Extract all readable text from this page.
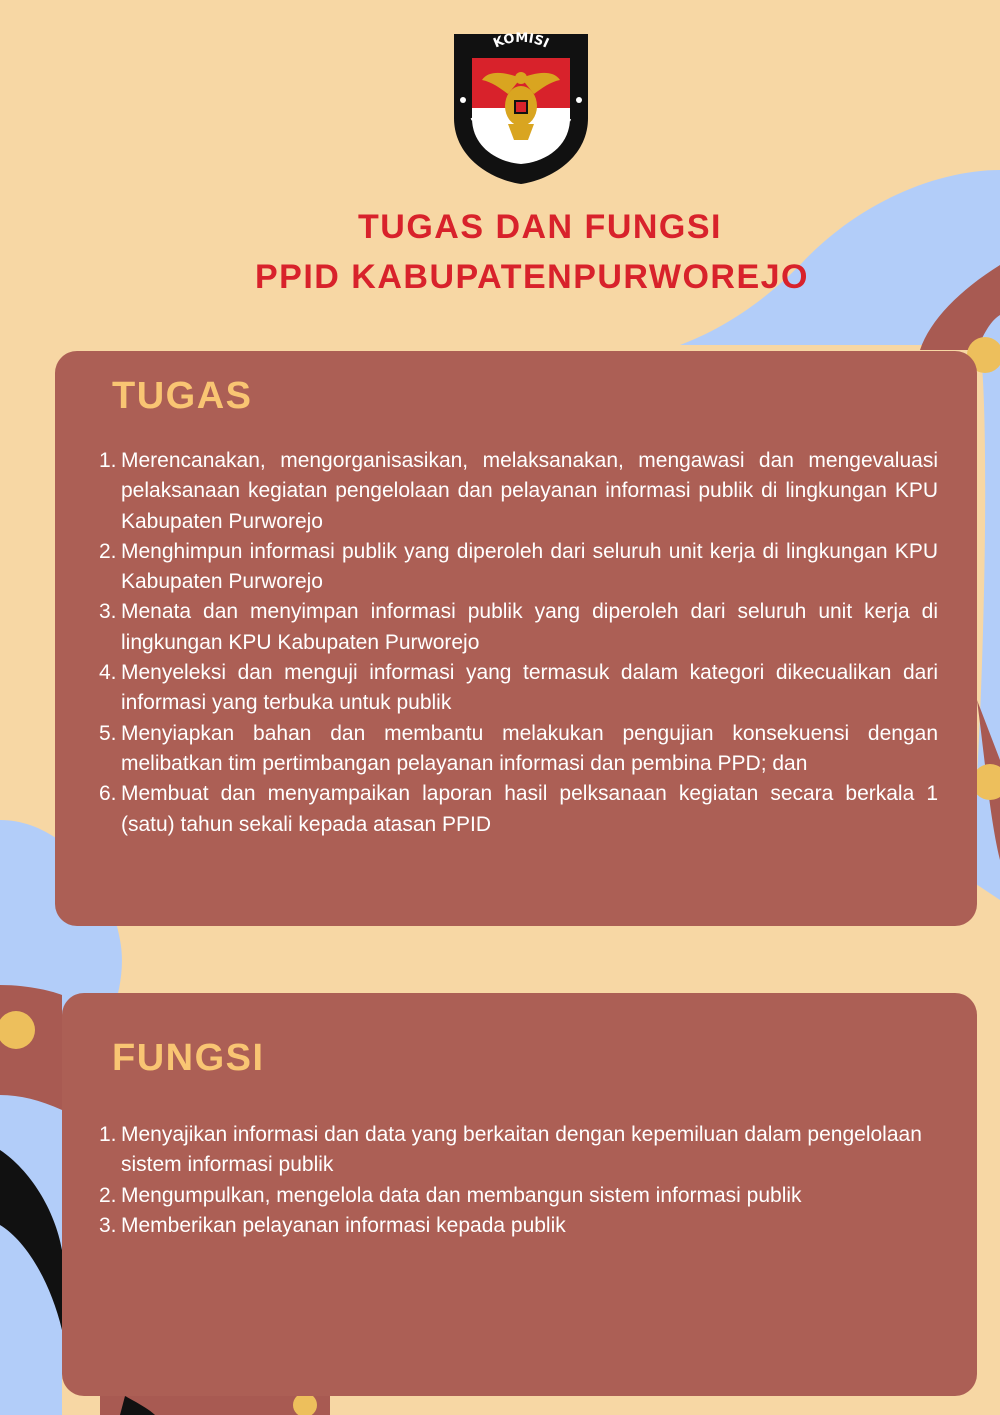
KOMISI
PEMILIHAN UMUM
TUGAS DAN FUNGSI
PPID KABUPATENPURWOREJO
TUGAS
1. Merencanakan, mengorganisasikan, melaksanakan, mengawasi dan mengevaluasi pelaksanaan kegiatan pengelolaan dan pelayanan informasi publik di lingkungan KPU Kabupaten Purworejo
2. Menghimpun informasi publik yang diperoleh dari seluruh unit kerja di lingkungan KPU Kabupaten Purworejo
3. Menata dan menyimpan informasi publik yang diperoleh dari seluruh unit kerja di lingkungan KPU Kabupaten Purworejo
4. Menyeleksi dan menguji informasi yang termasuk dalam kategori dikecualikan dari informasi yang terbuka untuk publik
5. Menyiapkan bahan dan membantu melakukan pengujian konsekuensi dengan melibatkan tim pertimbangan pelayanan informasi dan pembina PPD; dan
6. Membuat dan menyampaikan laporan hasil pelksanaan kegiatan secara berkala 1 (satu) tahun sekali kepada atasan PPID
FUNGSI
1. Menyajikan informasi dan data yang berkaitan dengan kepemiluan dalam pengelolaan sistem informasi publik
2. Mengumpulkan, mengelola data dan membangun sistem informasi publik
3. Memberikan pelayanan informasi kepada publik
